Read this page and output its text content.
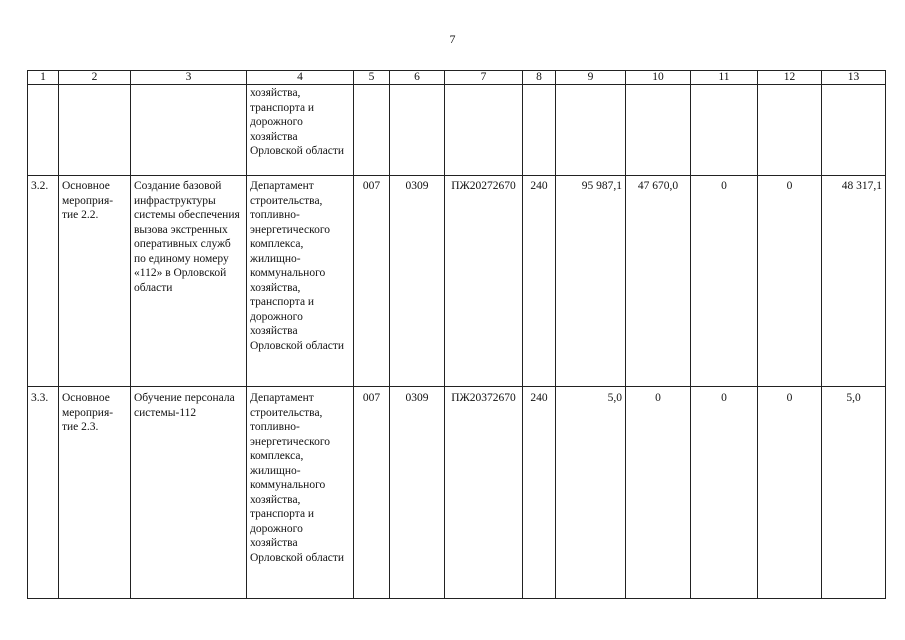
7
1	2	3	4	5	6	7	8	9	10	11	12	13
			хозяйства, транспорта и дорожного хозяйства Орловской области									
3.2.	Основное мероприя- тие 2.2.	Создание базовой инфраструктуры системы обеспечения вызова экстренных оперативных служб по единому номеру «112» в Орловской области	Департамент строительства, топливно- энергетического комплекса, жилищно- коммунального хозяйства, транспорта и дорожного хозяйства Орловской области	007	0309	ПЖ20272670	240	95 987,1	47 670,0	0	0	48 317,1
3.3.	Основное мероприя- тие 2.3.	Обучение персонала системы-112	Департамент строительства, топливно- энергетического комплекса, жилищно- коммунального хозяйства, транспорта и дорожного хозяйства Орловской области	007	0309	ПЖ20372670	240	5,0	0	0	0	5,0
